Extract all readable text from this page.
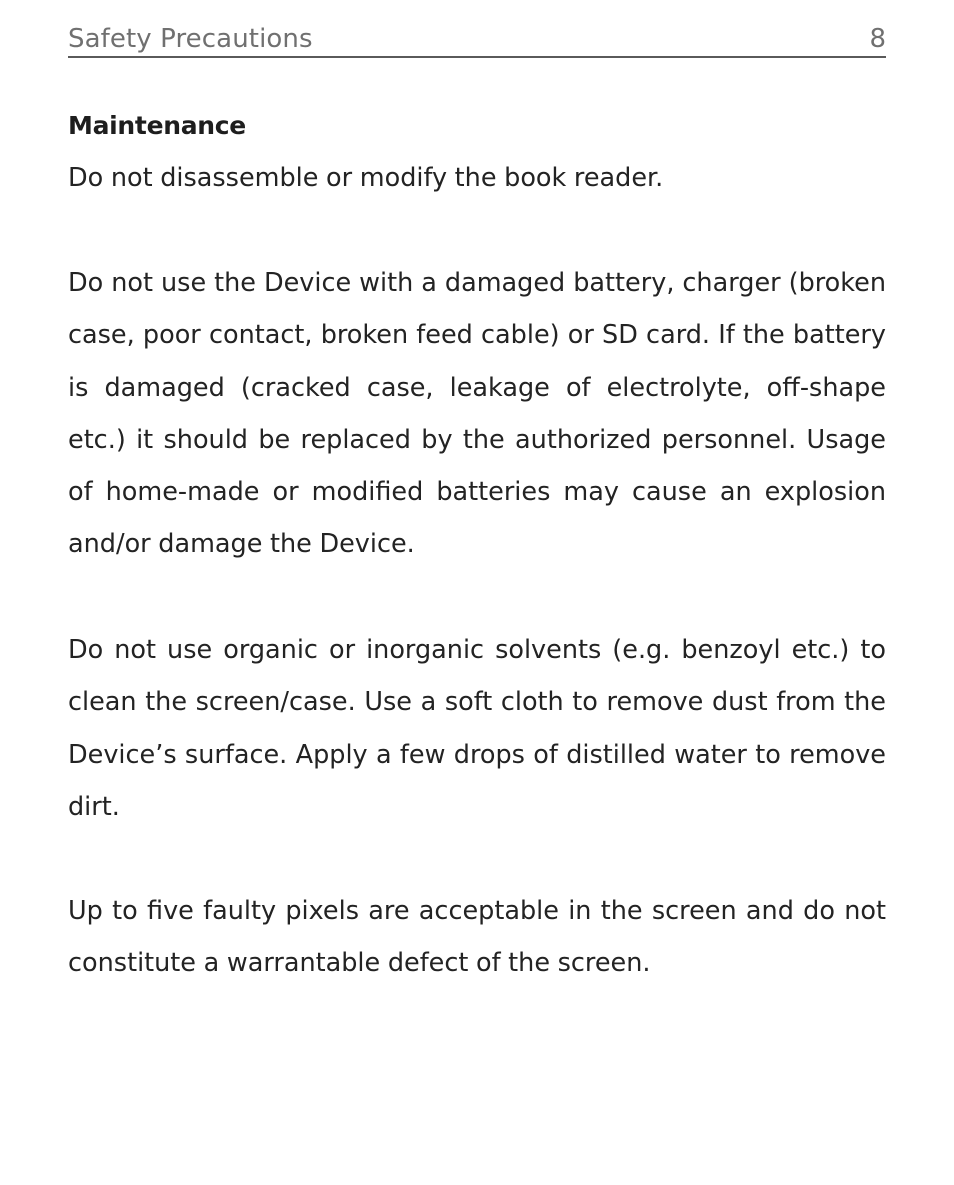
Safety Precautions	8
Maintenance

Do not disassemble or modify the book reader.

Do not use the Device with a damaged battery, charger (broken case, poor contact, broken feed cable) or SD card. If the battery is damaged (cracked case, leakage of electrolyte, off-shape etc.) it should be replaced by the authorized personnel. Usage of home-made or modified batteries may cause an explosion and/or damage the Device.

Do not use organic or inorganic solvents (e.g. benzoyl etc.) to clean the screen/case. Use a soft cloth to remove dust from the Device’s surface. Apply a few drops of distilled water to remove dirt.

Up to five faulty pixels are acceptable in the screen and do not constitute a warrantable defect of the screen.
